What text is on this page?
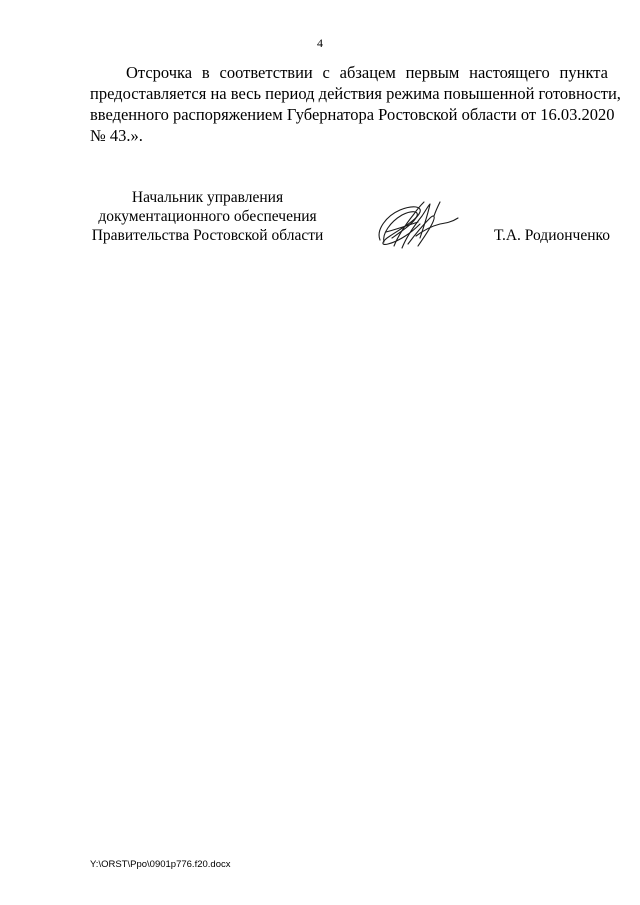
4
Отсрочка в соответствии с абзацем первым настоящего пункта
предоставляется на весь период действия режима повышенной готовности,
введенного распоряжением Губернатора Ростовской области от 16.03.2020
№ 43.».
Начальник управления
документационного обеспечения
Правительства Ростовской области	Т.А. Родионченко
Y:\ORST\Ppo\0901p776.f20.docx
